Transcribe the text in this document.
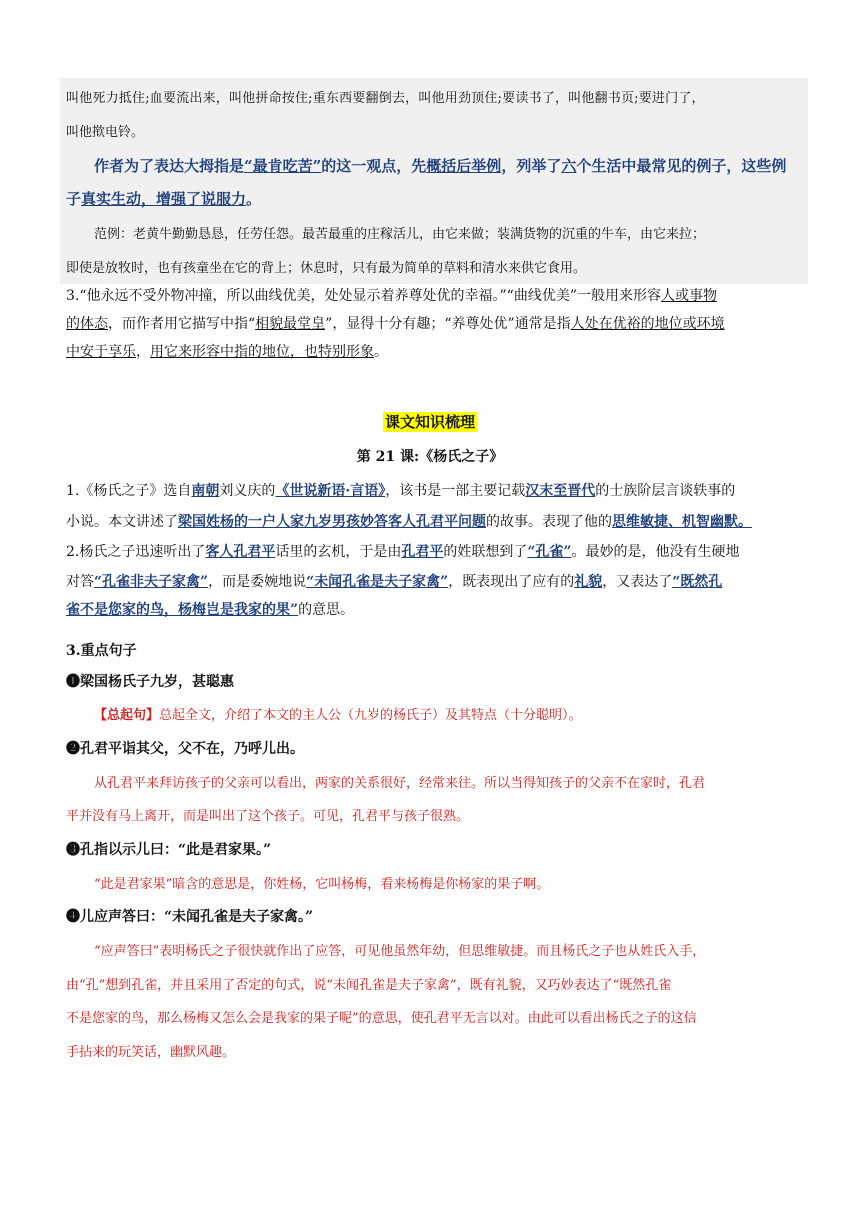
叫他死力抵住;血要流出来，叫他拼命按住;重东西要翻倒去，叫他用劲顶住;要读书了，叫他翻书页;要进门了，
叫他揿电铃。
作者为了表达大拇指是“最肯吃苦”的这一观点，先概括后举例，列举了六个生活中最常见的例子，这些例
子真实生动，增强了说服力。
范例：老黄牛勤勤恳恳，任劳任怨。最苦最重的庄稼活儿，由它来做；装满货物的沉重的牛车，由它来拉；
即使是放牧时，也有孩童坐在它的背上；休息时，只有最为简单的草料和清水来供它食用。
3.“他永远不受外物冲撞，所以曲线优美，处处显示着养尊处优的幸福。”“曲线优美”一般用来形容人或事物
的体态，而作者用它描写中指“相貌最堂皇”，显得十分有趣；“养尊处优”通常是指人处在优裕的地位或环境
中安于享乐，用它来形容中指的地位，也特别形象。
课文知识梳理
第 21 课:《杨氏之子》
1.《杨氏之子》选自南朝刘义庆的《世说新语·言语》，该书是一部主要记载汉末至晋代的士族阶层言谈轶事的
小说。本文讲述了梁国姓杨的一户人家九岁男孩妙答客人孔君平问题的故事。表现了他的思维敏捷、机智幽默。
2.杨氏之子迅速听出了客人孔君平话里的玄机，于是由孔君平的姓联想到了“孔雀”。最妙的是，他没有生硬地
对答“孔雀非夫子家禽”，而是委婉地说“未闻孔雀是夫子家禽”，既表现出了应有的礼貌，又表达了“既然孔
雀不是您家的鸟，杨梅岂是我家的果”的意思。
3.重点句子
❶梁国杨氏子九岁，甚聪惠
【总起句】总起全文，介绍了本文的主人公（九岁的杨氏子）及其特点（十分聪明）。
❷孔君平诣其父，父不在，乃呼儿出。
从孔君平来拜访孩子的父亲可以看出，两家的关系很好，经常来往。所以当得知孩子的父亲不在家时，孔君
平并没有马上离开，而是叫出了这个孩子。可见，孔君平与孩子很熟。
❸孔指以示儿曰：“此是君家果。”
“此是君家果”暗含的意思是，你姓杨，它叫杨梅，看来杨梅是你杨家的果子啊。
❹儿应声答曰：“未闻孔雀是夫子家禽。”
“应声答曰”表明杨氏之子很快就作出了应答，可见他虽然年幼，但思维敏捷。而且杨氏之子也从姓氏入手，
由“孔”想到孔雀，并且采用了否定的句式，说“未闻孔雀是夫子家禽”，既有礼貌，又巧妙表达了“既然孔雀
不是您家的鸟，那么杨梅又怎么会是我家的果子呢”的意思，使孔君平无言以对。由此可以看出杨氏之子的这信
手拈来的玩笑话，幽默风趣。
